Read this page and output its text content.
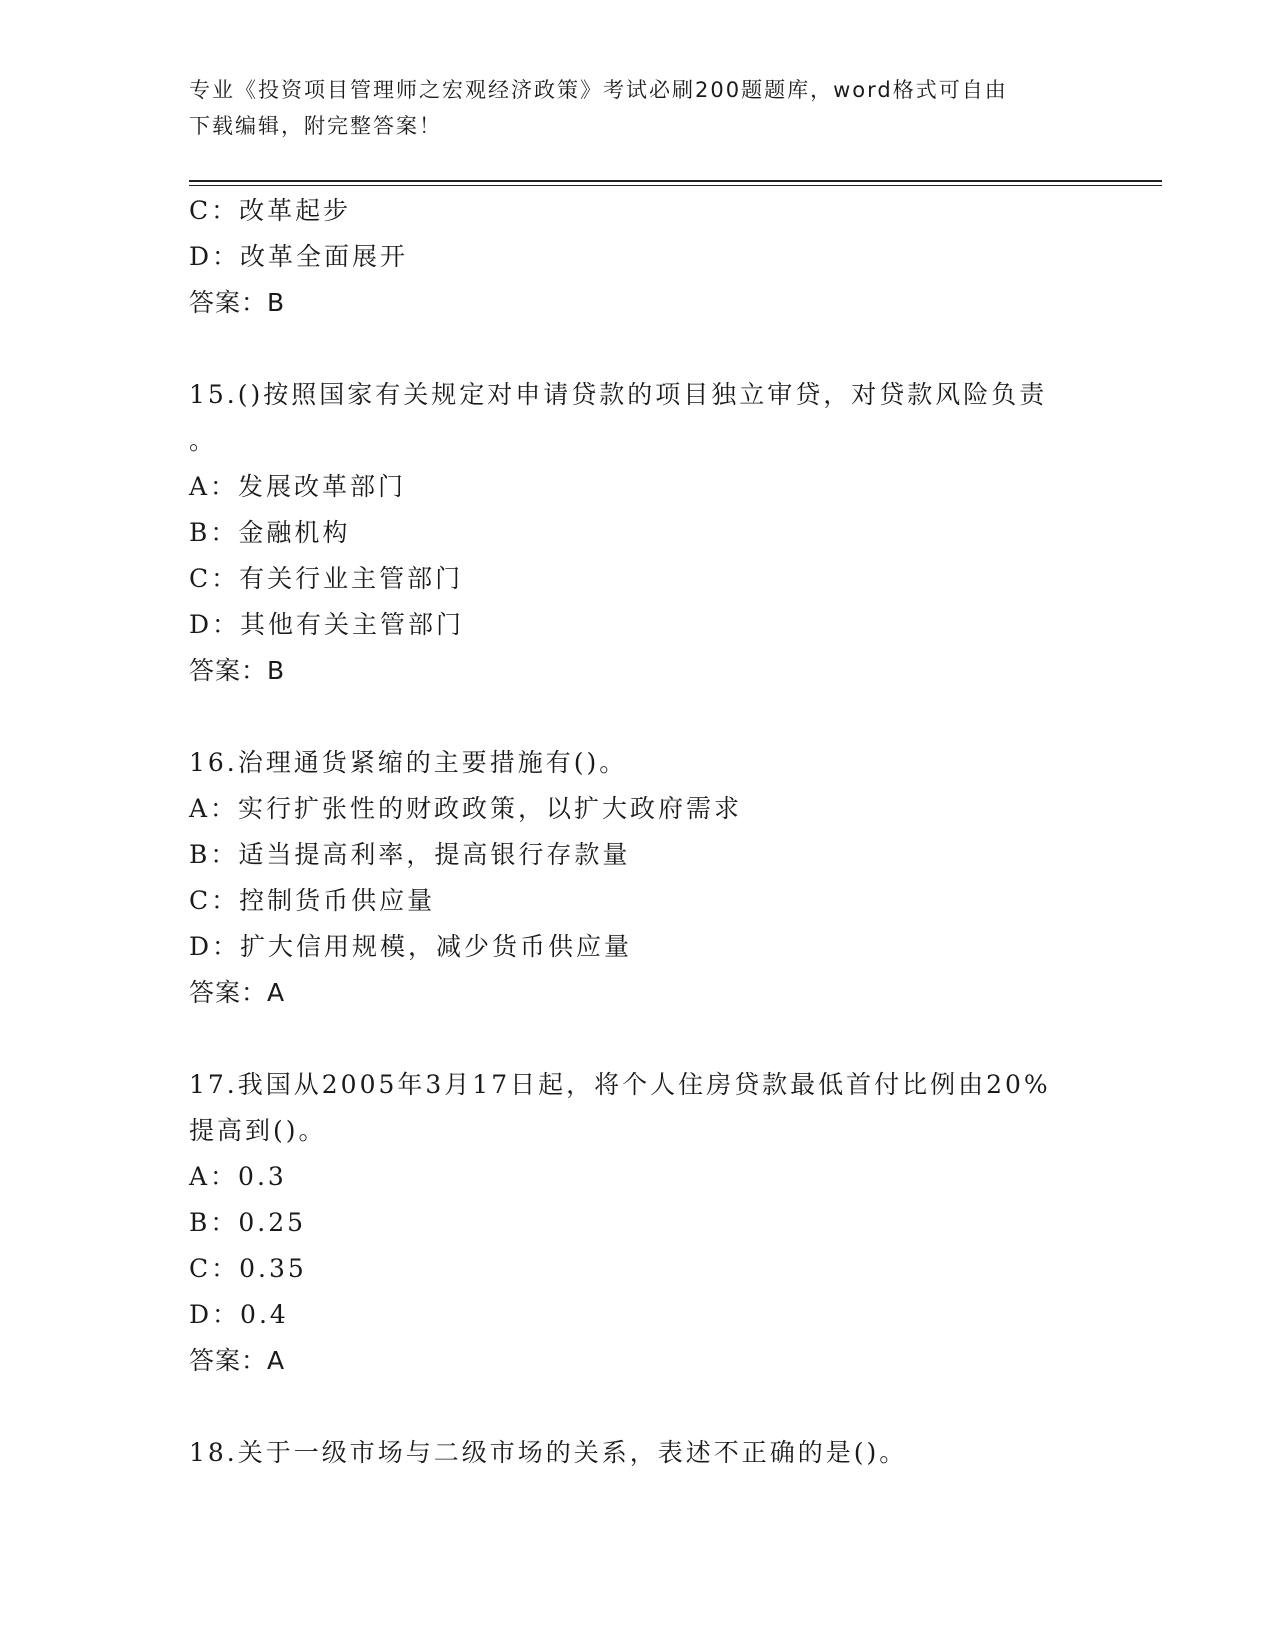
专业《投资项目管理师之宏观经济政策》考试必刷200题题库，word格式可自由
下载编辑，附完整答案！
C：改革起步
D：改革全面展开
答案：B
15.()按照国家有关规定对申请贷款的项目独立审贷，对贷款风险负责
。
A：发展改革部门
B：金融机构
C：有关行业主管部门
D：其他有关主管部门
答案：B
16.治理通货紧缩的主要措施有()。
A：实行扩张性的财政政策，以扩大政府需求
B：适当提高利率，提高银行存款量
C：控制货币供应量
D：扩大信用规模，减少货币供应量
答案：A
17.我国从2005年3月17日起，将个人住房贷款最低首付比例由20%
提高到()。
A：0.3
B：0.25
C：0.35
D：0.4
答案：A
18.关于一级市场与二级市场的关系，表述不正确的是()。
